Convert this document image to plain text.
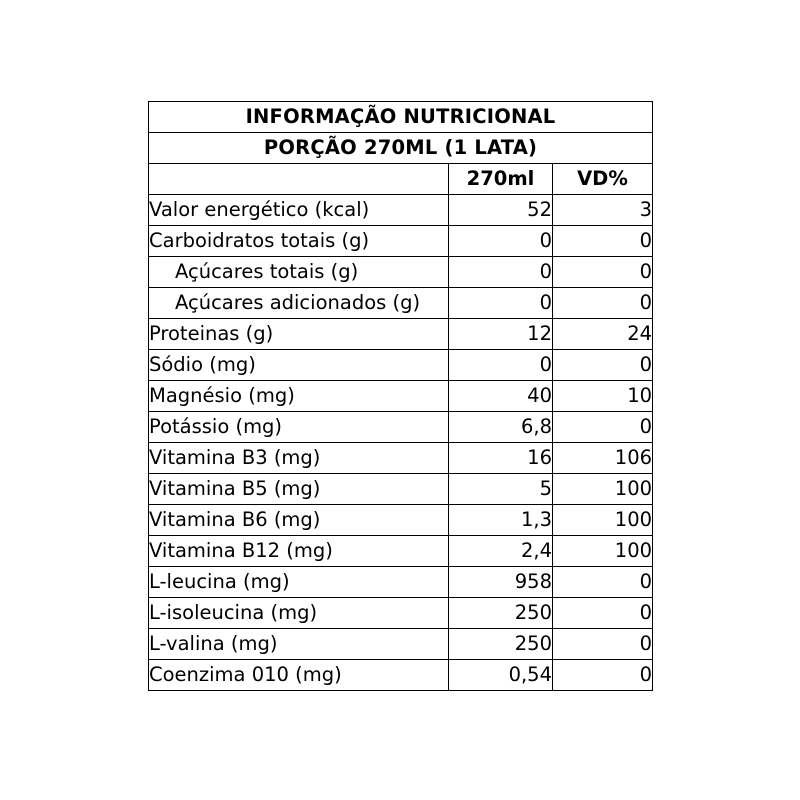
INFORMAÇÃO NUTRICIONAL		
PORÇÃO 270ML (1 LATA)		
	270ml	VD%
Valor energético (kcal)	52	3
Carboidratos totais (g)	0	0
Açúcares totais (g)	0	0
Açúcares adicionados (g)	0	0
Proteinas (g)	12	24
Sódio (mg)	0	0
Magnésio (mg)	40	10
Potássio (mg)	6,8	0
Vitamina B3 (mg)	16	106
Vitamina B5 (mg)	5	100
Vitamina B6 (mg)	1,3	100
Vitamina B12 (mg)	2,4	100
L-leucina (mg)	958	0
L-isoleucina (mg)	250	0
L-valina (mg)	250	0
Coenzima 010 (mg)	0,54	0
